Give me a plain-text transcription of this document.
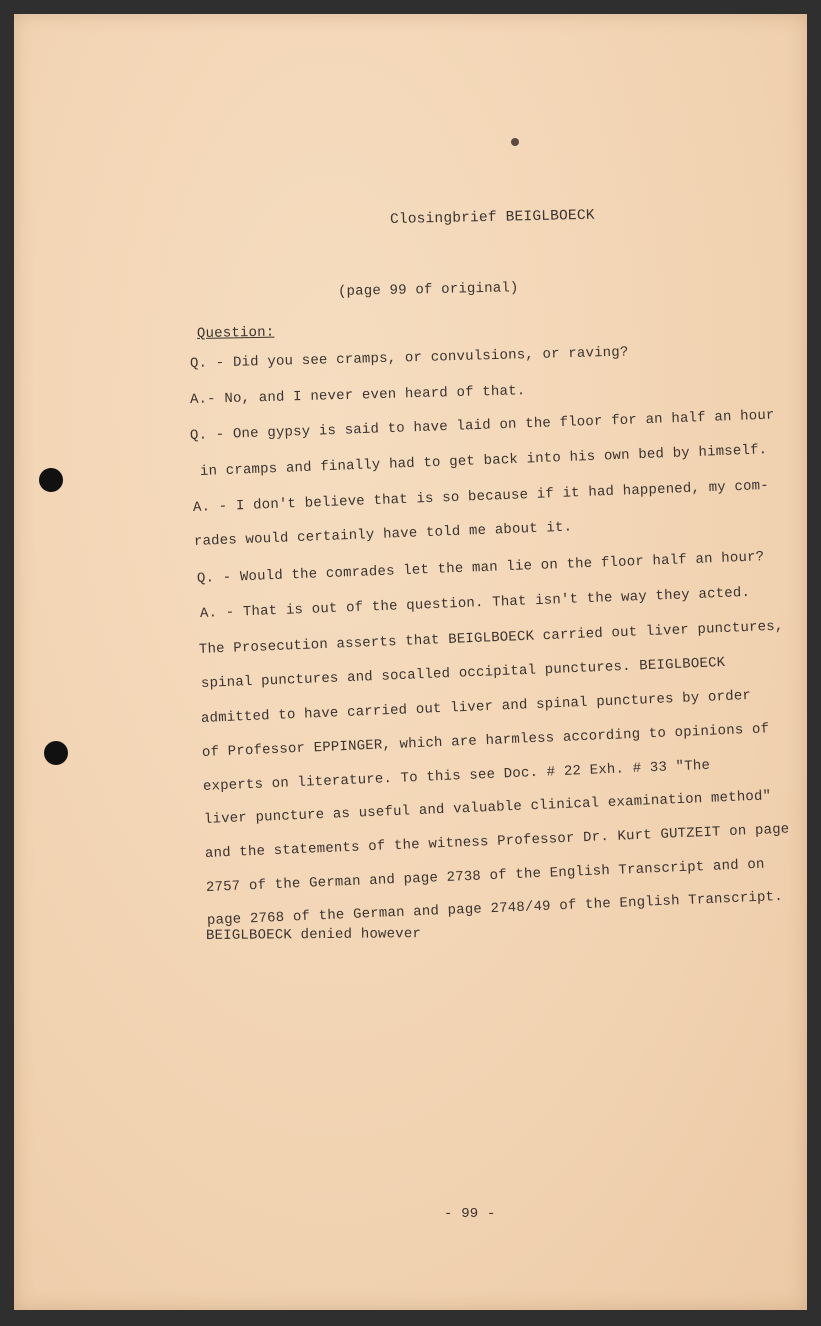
Closingbrief BEIGLBOECK
(page 99 of original)
Question:
Q. - Did you see cramps, or convulsions, or raving?
A.- No, and I never even heard of that.
Q. - One gypsy is said to have laid on the floor for an half an hour
in cramps and finally had to get back into his own bed by himself.
A. - I don't believe that is so because if it had happened, my com-
rades would certainly have told me about it.
Q. - Would the comrades let the man lie on the floor half an hour?
A. - That is out of the question. That isn't the way they acted.
The Prosecution asserts that BEIGLBOECK carried out liver punctures,
spinal punctures and socalled occipital punctures. BEIGLBOECK
admitted to have carried out liver and spinal punctures by order
of Professor EPPINGER, which are harmless according to opinions of
experts on literature. To this see Doc. # 22 Exh. # 33 "The
liver puncture as useful and valuable clinical examination method"
and the statements of the witness Professor Dr. Kurt GUTZEIT on page
2757 of the German and page 2738 of the English Transcript and on
page 2768 of the German and page 2748/49 of the English Transcript.
BEIGLBOECK denied however
- 99 -
